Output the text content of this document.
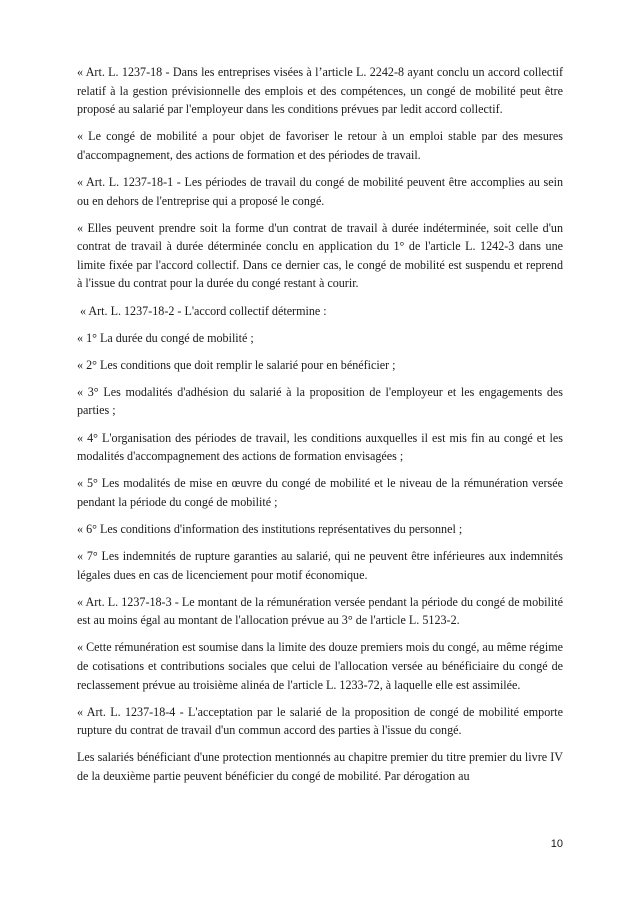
« Art. L. 1237-18 - Dans les entreprises visées à l’article L. 2242-8 ayant conclu un accord collectif relatif à la gestion prévisionnelle des emplois et des compétences, un congé de mobilité peut être proposé au salarié par l'employeur dans les conditions prévues par ledit accord collectif.

« Le congé de mobilité a pour objet de favoriser le retour à un emploi stable par des mesures d'accompagnement, des actions de formation et des périodes de travail.

« Art. L. 1237-18-1 - Les périodes de travail du congé de mobilité peuvent être accomplies au sein ou en dehors de l'entreprise qui a proposé le congé.

« Elles peuvent prendre soit la forme d'un contrat de travail à durée indéterminée, soit celle d'un contrat de travail à durée déterminée conclu en application du 1° de l'article L. 1242-3 dans une limite fixée par l'accord collectif. Dans ce dernier cas, le congé de mobilité est suspendu et reprend à l'issue du contrat pour la durée du congé restant à courir.

« Art. L. 1237-18-2 - L'accord collectif détermine :

« 1° La durée du congé de mobilité ;

« 2° Les conditions que doit remplir le salarié pour en bénéficier ;

« 3° Les modalités d'adhésion du salarié à la proposition de l'employeur et les engagements des parties ;

« 4° L'organisation des périodes de travail, les conditions auxquelles il est mis fin au congé et les modalités d'accompagnement des actions de formation envisagées ;

« 5° Les modalités de mise en œuvre du congé de mobilité et le niveau de la rémunération versée pendant la période du congé de mobilité ;

« 6° Les conditions d'information des institutions représentatives du personnel ;

« 7° Les indemnités de rupture garanties au salarié, qui ne peuvent être inférieures aux indemnités légales dues en cas de licenciement pour motif économique.

« Art. L. 1237-18-3 - Le montant de la rémunération versée pendant la période du congé de mobilité est au moins égal au montant de l'allocation prévue au 3° de l'article L. 5123-2.

« Cette rémunération est soumise dans la limite des douze premiers mois du congé, au même régime de cotisations et contributions sociales que celui de l'allocation versée au bénéficiaire du congé de reclassement prévue au troisième alinéa de l'article L. 1233-72, à laquelle elle est assimilée.

« Art. L. 1237-18-4 - L'acceptation par le salarié de la proposition de congé de mobilité emporte rupture du contrat de travail d'un commun accord des parties à l'issue du congé.

Les salariés bénéficiant d'une protection mentionnés au chapitre premier du titre premier du livre IV de la deuxième partie peuvent bénéficier du congé de mobilité. Par dérogation au

10
